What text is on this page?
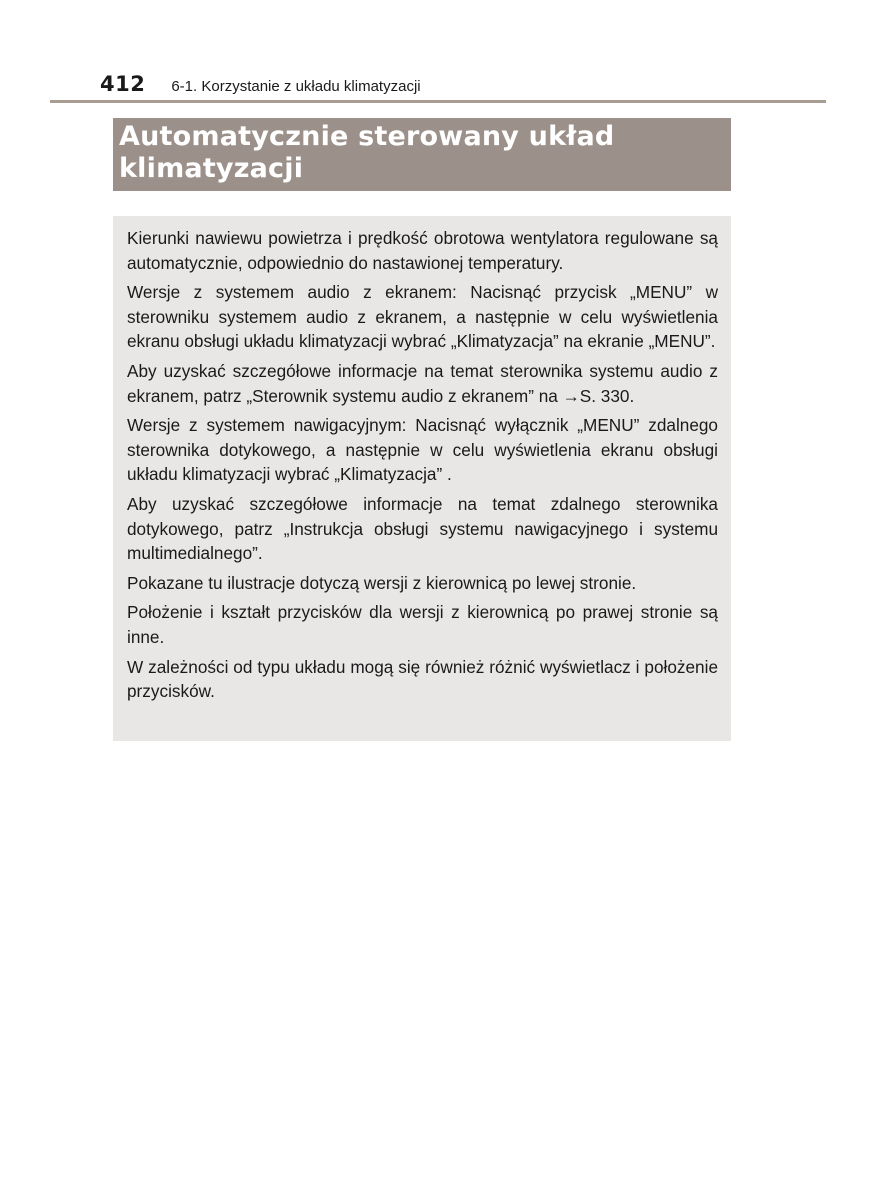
412 6-1. Korzystanie z układu klimatyzacji
Automatycznie sterowany układ klimatyzacji

Kierunki nawiewu powietrza i prędkość obrotowa wentylatora regulowane są automatycznie, odpowiednio do nastawionej temperatury.

Wersje z systemem audio z ekranem: Nacisnąć przycisk „MENU” w sterowniku systemem audio z ekranem, a następnie w celu wyświetlenia ekranu obsługi układu klimatyzacji wybrać „Klimatyzacja” na ekranie „MENU”.

Aby uzyskać szczegółowe informacje na temat sterownika systemu audio z ekranem, patrz „Sterownik systemu audio z ekranem” na →S. 330.

Wersje z systemem nawigacyjnym: Nacisnąć wyłącznik „MENU” zdalnego sterownika dotykowego, a następnie w celu wyświetlenia ekranu obsługi układu klimatyzacji wybrać „Klimatyzacja” .

Aby uzyskać szczegółowe informacje na temat zdalnego sterownika dotykowego, patrz „Instrukcja obsługi systemu nawigacyjnego i systemu multimedialnego”.

Pokazane tu ilustracje dotyczą wersji z kierownicą po lewej stronie.

Położenie i kształt przycisków dla wersji z kierownicą po prawej stronie są inne.

W zależności od typu układu mogą się również różnić wyświetlacz i położenie przycisków.
